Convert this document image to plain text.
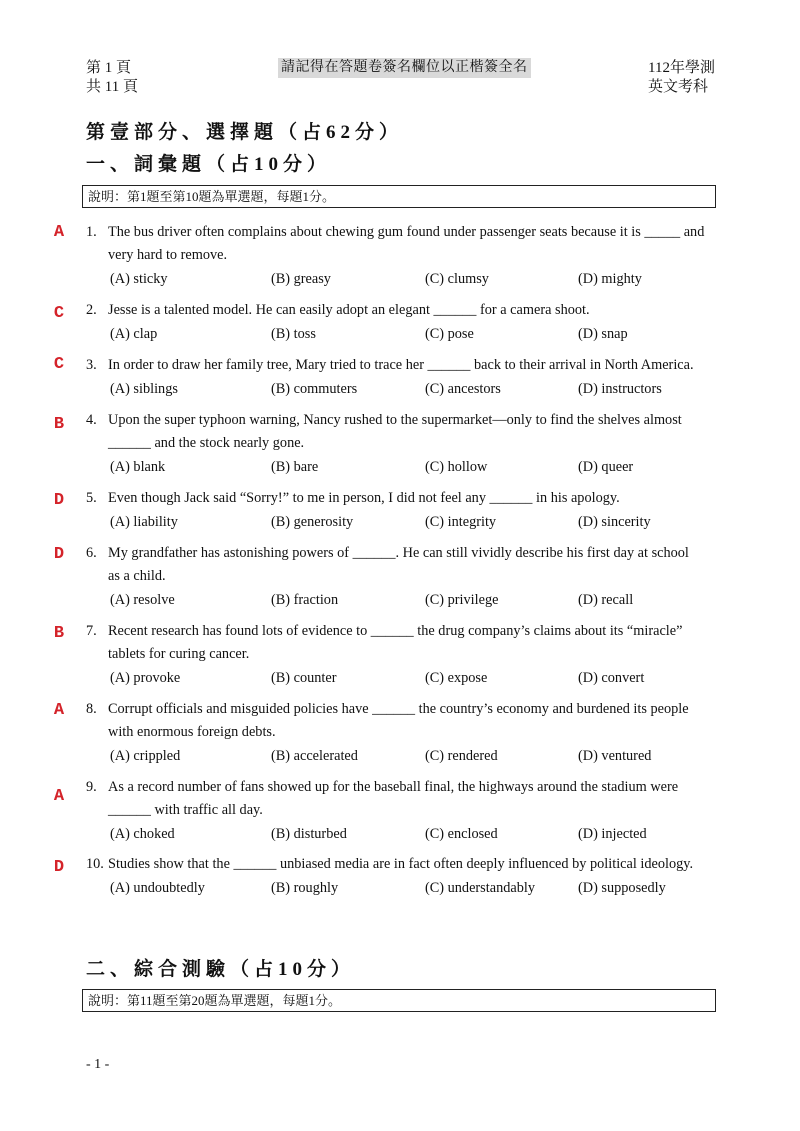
第 1 頁
共 11 頁
請記得在答題卷簽名欄位以正楷簽全名	112年學測
英文考科
第壹部分、選擇題（占62分）
一、詞彙題（占10分）
說明：第1題至第10題為單選題，每題1分。
A 1. The bus driver often complains about chewing gum found under passenger seats because it is _____ and
very hard to remove.
(A) sticky	(B) greasy	(C) clumsy	(D) mighty
C 2. Jesse is a talented model. He can easily adopt an elegant ______ for a camera shoot.
(A) clap	(B) toss	(C) pose	(D) snap
C 3. In order to draw her family tree, Mary tried to trace her ______ back to their arrival in North America.
(A) siblings	(B) commuters	(C) ancestors	(D) instructors
B 4. Upon the super typhoon warning, Nancy rushed to the supermarket—only to find the shelves almost
______ and the stock nearly gone.
(A) blank	(B) bare	(C) hollow	(D) queer
D 5. Even though Jack said “Sorry!” to me in person, I did not feel any ______ in his apology.
(A) liability	(B) generosity	(C) integrity	(D) sincerity
D 6. My grandfather has astonishing powers of ______. He can still vividly describe his first day at school
as a child.
(A) resolve	(B) fraction	(C) privilege	(D) recall
B 7. Recent research has found lots of evidence to ______ the drug company’s claims about its “miracle”
tablets for curing cancer.
(A) provoke	(B) counter	(C) expose	(D) convert
A 8. Corrupt officials and misguided policies have ______ the country’s economy and burdened its people
with enormous foreign debts.
(A) crippled	(B) accelerated	(C) rendered	(D) ventured
A 9. As a record number of fans showed up for the baseball final, the highways around the stadium were
______ with traffic all day.
(A) choked	(B) disturbed	(C) enclosed	(D) injected
D 10. Studies show that the ______ unbiased media are in fact often deeply influenced by political ideology.
(A) undoubtedly	(B) roughly	(C) understandably	(D) supposedly
二、綜合測驗（占10分）
說明：第11題至第20題為單選題，每題1分。
- 1 -
